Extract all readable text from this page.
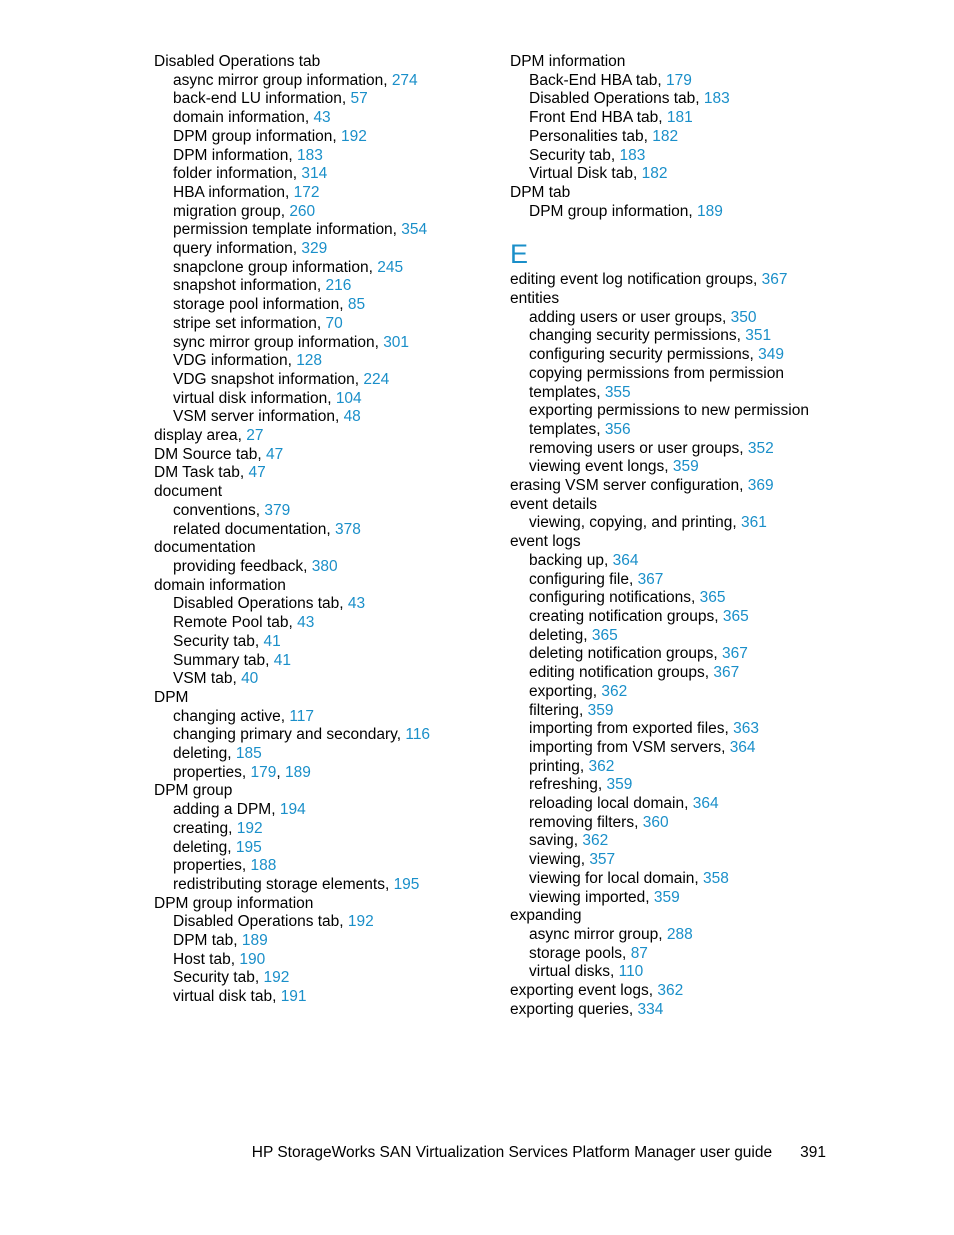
Disabled Operations tab
async mirror group information, 274
back-end LU information, 57
domain information, 43
DPM group information, 192
DPM information, 183
folder information, 314
HBA information, 172
migration group, 260
permission template information, 354
query information, 329
snapclone group information, 245
snapshot information, 216
storage pool information, 85
stripe set information, 70
sync mirror group information, 301
VDG information, 128
VDG snapshot information, 224
virtual disk information, 104
VSM server information, 48
display area, 27
DM Source tab, 47
DM Task tab, 47
document
conventions, 379
related documentation, 378
documentation
providing feedback, 380
domain information
Disabled Operations tab, 43
Remote Pool tab, 43
Security tab, 41
Summary tab, 41
VSM tab, 40
DPM
changing active, 117
changing primary and secondary, 116
deleting, 185
properties, 179, 189
DPM group
adding a DPM, 194
creating, 192
deleting, 195
properties, 188
redistributing storage elements, 195
DPM group information
Disabled Operations tab, 192
DPM tab, 189
Host tab, 190
Security tab, 192
virtual disk tab, 191
DPM information
Back-End HBA tab, 179
Disabled Operations tab, 183
Front End HBA tab, 181
Personalities tab, 182
Security tab, 183
Virtual Disk tab, 182
DPM tab
DPM group information, 189
E
editing event log notification groups, 367
entities
adding users or user groups, 350
changing security permissions, 351
configuring security permissions, 349
copying permissions from permission
templates, 355
exporting permissions to new permission
templates, 356
removing users or user groups, 352
viewing event longs, 359
erasing VSM server configuration, 369
event details
viewing, copying, and printing, 361
event logs
backing up, 364
configuring file, 367
configuring notifications, 365
creating notification groups, 365
deleting, 365
deleting notification groups, 367
editing notification groups, 367
exporting, 362
filtering, 359
importing from exported files, 363
importing from VSM servers, 364
printing, 362
refreshing, 359
reloading local domain, 364
removing filters, 360
saving, 362
viewing, 357
viewing for local domain, 358
viewing imported, 359
expanding
async mirror group, 288
storage pools, 87
virtual disks, 110
exporting event logs, 362
exporting queries, 334
HP StorageWorks SAN Virtualization Services Platform Manager user guide 391
